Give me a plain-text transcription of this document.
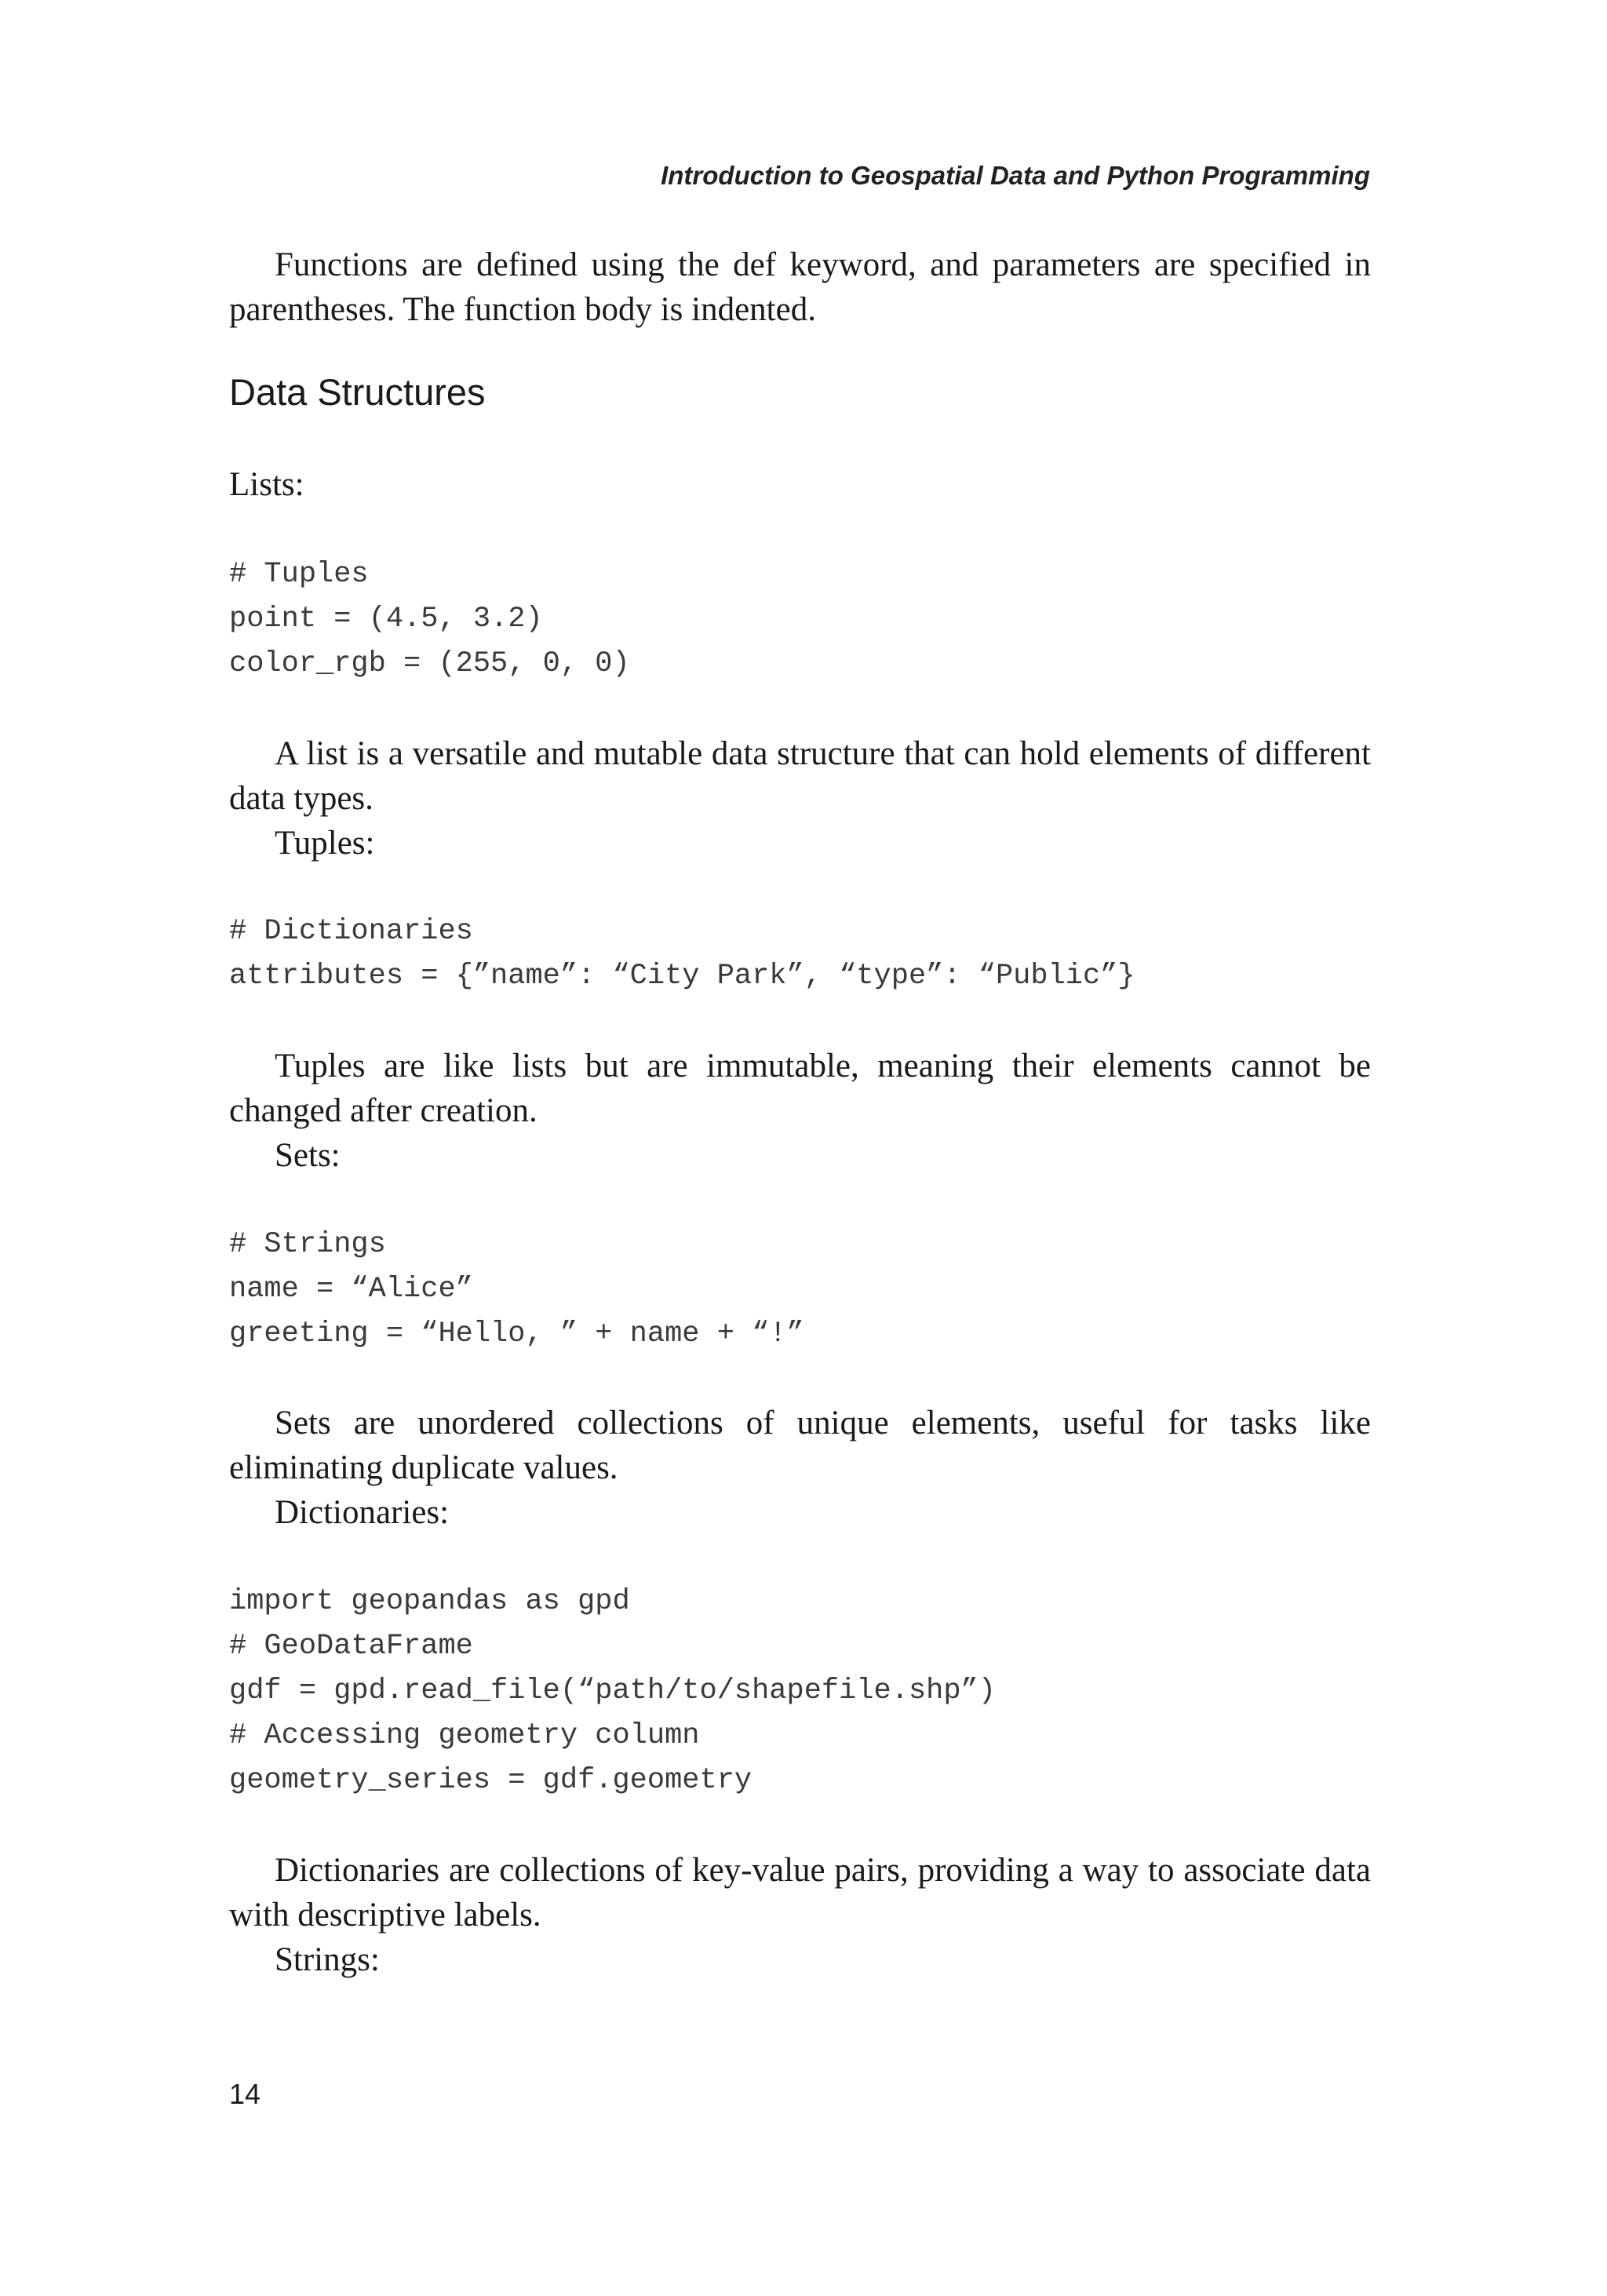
Introduction to Geospatial Data and Python Programming

Functions are defined using the def keyword, and parameters are specified in parentheses. The function body is indented.

Data Structures

Lists:

# Tuples
point = (4.5, 3.2)
color_rgb = (255, 0, 0)

A list is a versatile and mutable data structure that can hold elements of different data types.

Tuples:

# Dictionaries
attributes = {”name”: “City Park”, “type”: “Public”}

Tuples are like lists but are immutable, meaning their elements cannot be changed after creation.

Sets:

# Strings
name = “Alice”
greeting = “Hello, ” + name + “!”

Sets are unordered collections of unique elements, useful for tasks like eliminating duplicate values.

Dictionaries:

import geopandas as gpd
# GeoDataFrame
gdf = gpd.read_file(“path/to/shapefile.shp”)
# Accessing geometry column
geometry_series = gdf.geometry

Dictionaries are collections of key-value pairs, providing a way to associate data with descriptive labels.

Strings:

14
